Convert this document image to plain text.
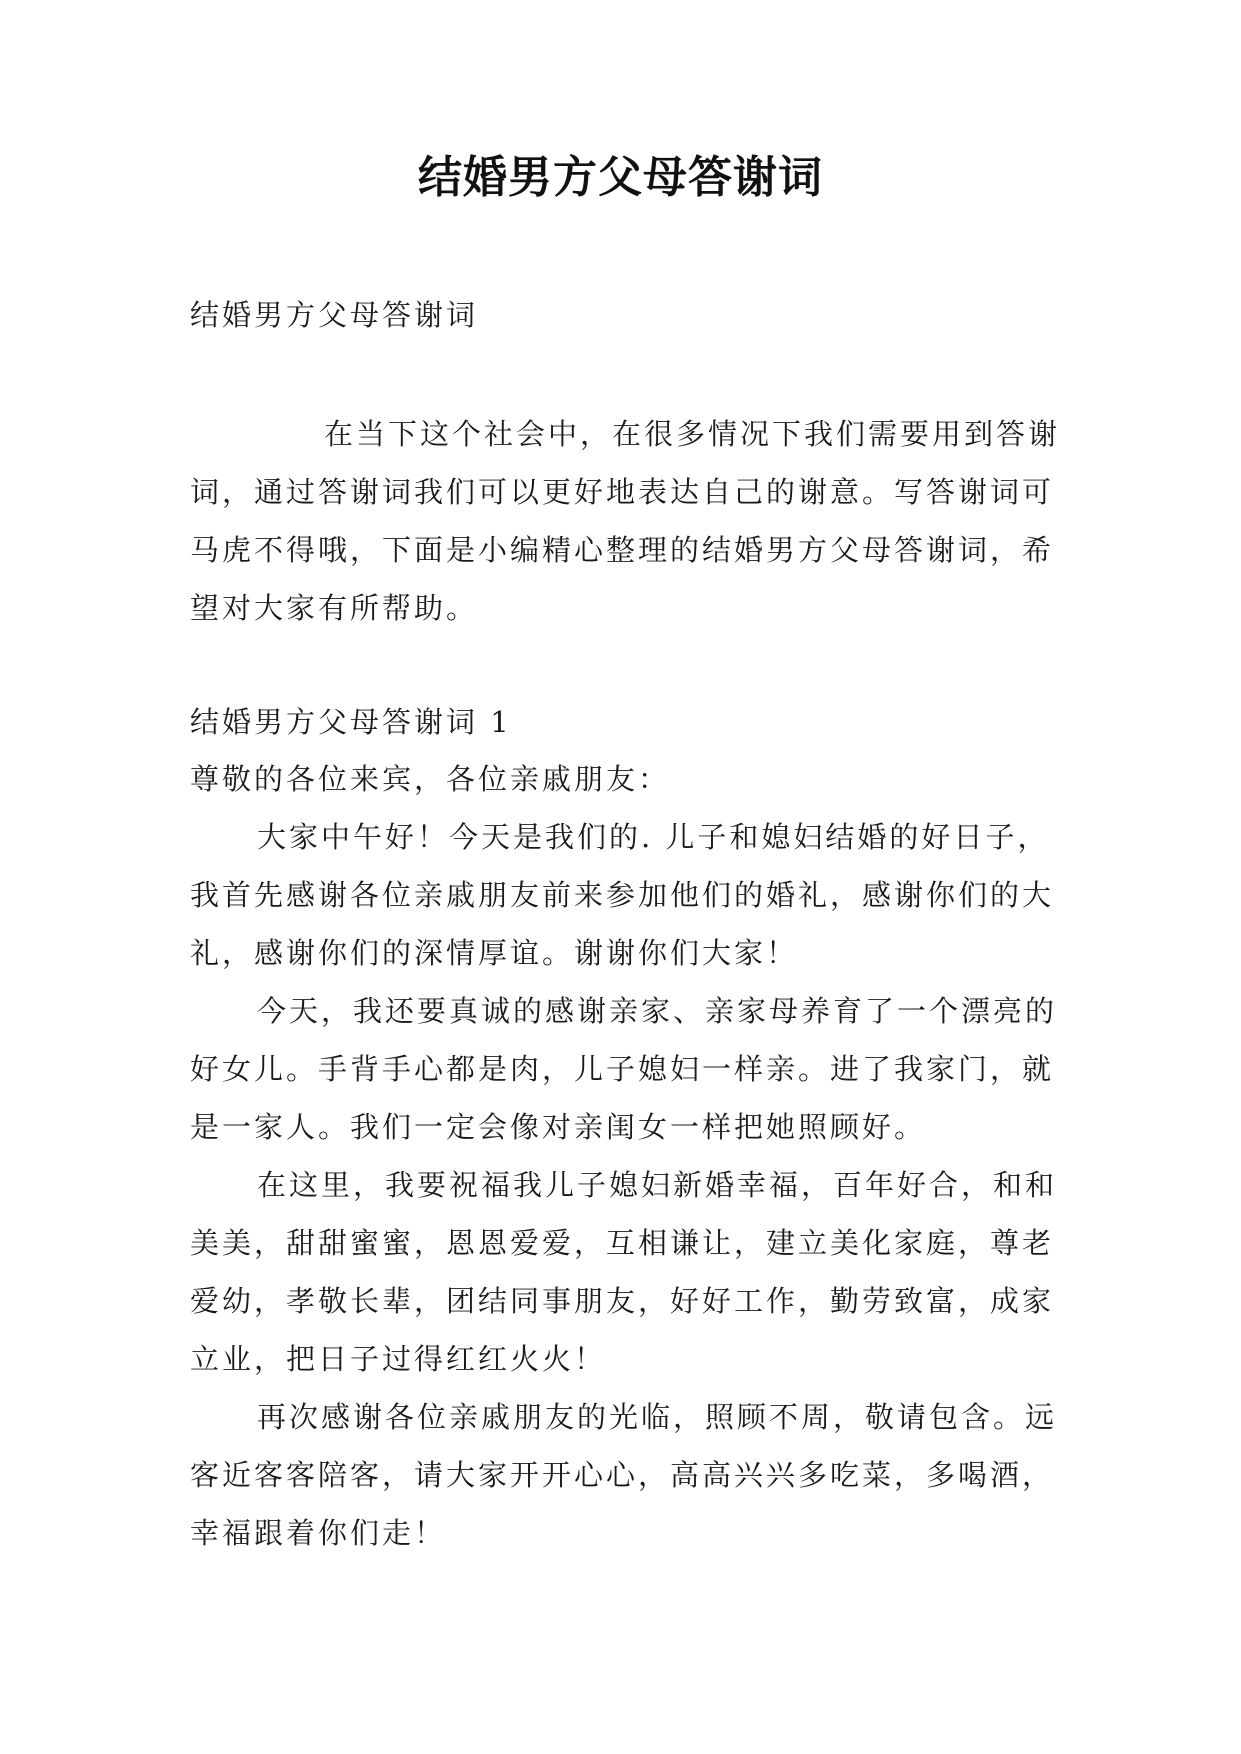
结婚男方父母答谢词

结婚男方父母答谢词

在当下这个社会中，在很多情况下我们需要用到答谢词，通过答谢词我们可以更好地表达自己的谢意。写答谢词可马虎不得哦，下面是小编精心整理的结婚男方父母答谢词，希望对大家有所帮助。

结婚男方父母答谢词 1

尊敬的各位来宾，各位亲戚朋友：

大家中午好！今天是我们的. 儿子和媳妇结婚的好日子，我首先感谢各位亲戚朋友前来参加他们的婚礼，感谢你们的大礼，感谢你们的深情厚谊。谢谢你们大家！

今天，我还要真诚的感谢亲家、亲家母养育了一个漂亮的好女儿。手背手心都是肉，儿子媳妇一样亲。进了我家门，就是一家人。我们一定会像对亲闺女一样把她照顾好。

在这里，我要祝福我儿子媳妇新婚幸福，百年好合，和和美美，甜甜蜜蜜，恩恩爱爱，互相谦让，建立美化家庭，尊老爱幼，孝敬长辈，团结同事朋友，好好工作，勤劳致富，成家立业，把日子过得红红火火！

再次感谢各位亲戚朋友的光临，照顾不周，敬请包含。远客近客客陪客，请大家开开心心，高高兴兴多吃菜，多喝酒，幸福跟着你们走！
